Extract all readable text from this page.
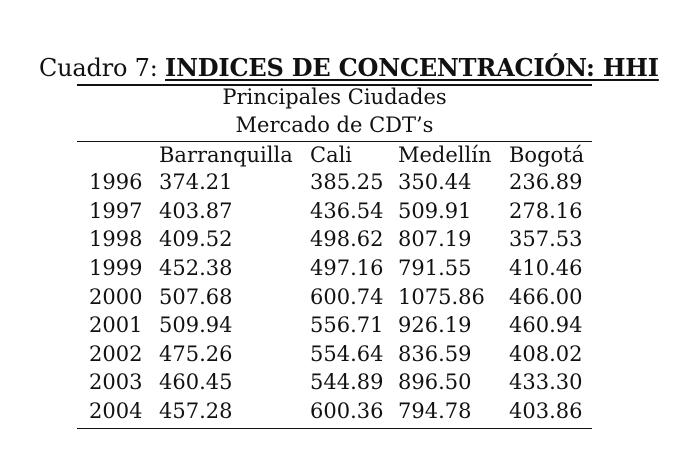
Cuadro 7: INDICES DE CONCENTRACIÓN: HHI
Principales Ciudades
Mercado de CDT’s
	Barranquilla	Cali	Medellín	Bogotá
1996	374.21	385.25	350.44	236.89
1997	403.87	436.54	509.91	278.16
1998	409.52	498.62	807.19	357.53
1999	452.38	497.16	791.55	410.46
2000	507.68	600.74	1075.86	466.00
2001	509.94	556.71	926.19	460.94
2002	475.26	554.64	836.59	408.02
2003	460.45	544.89	896.50	433.30
2004	457.28	600.36	794.78	403.86
